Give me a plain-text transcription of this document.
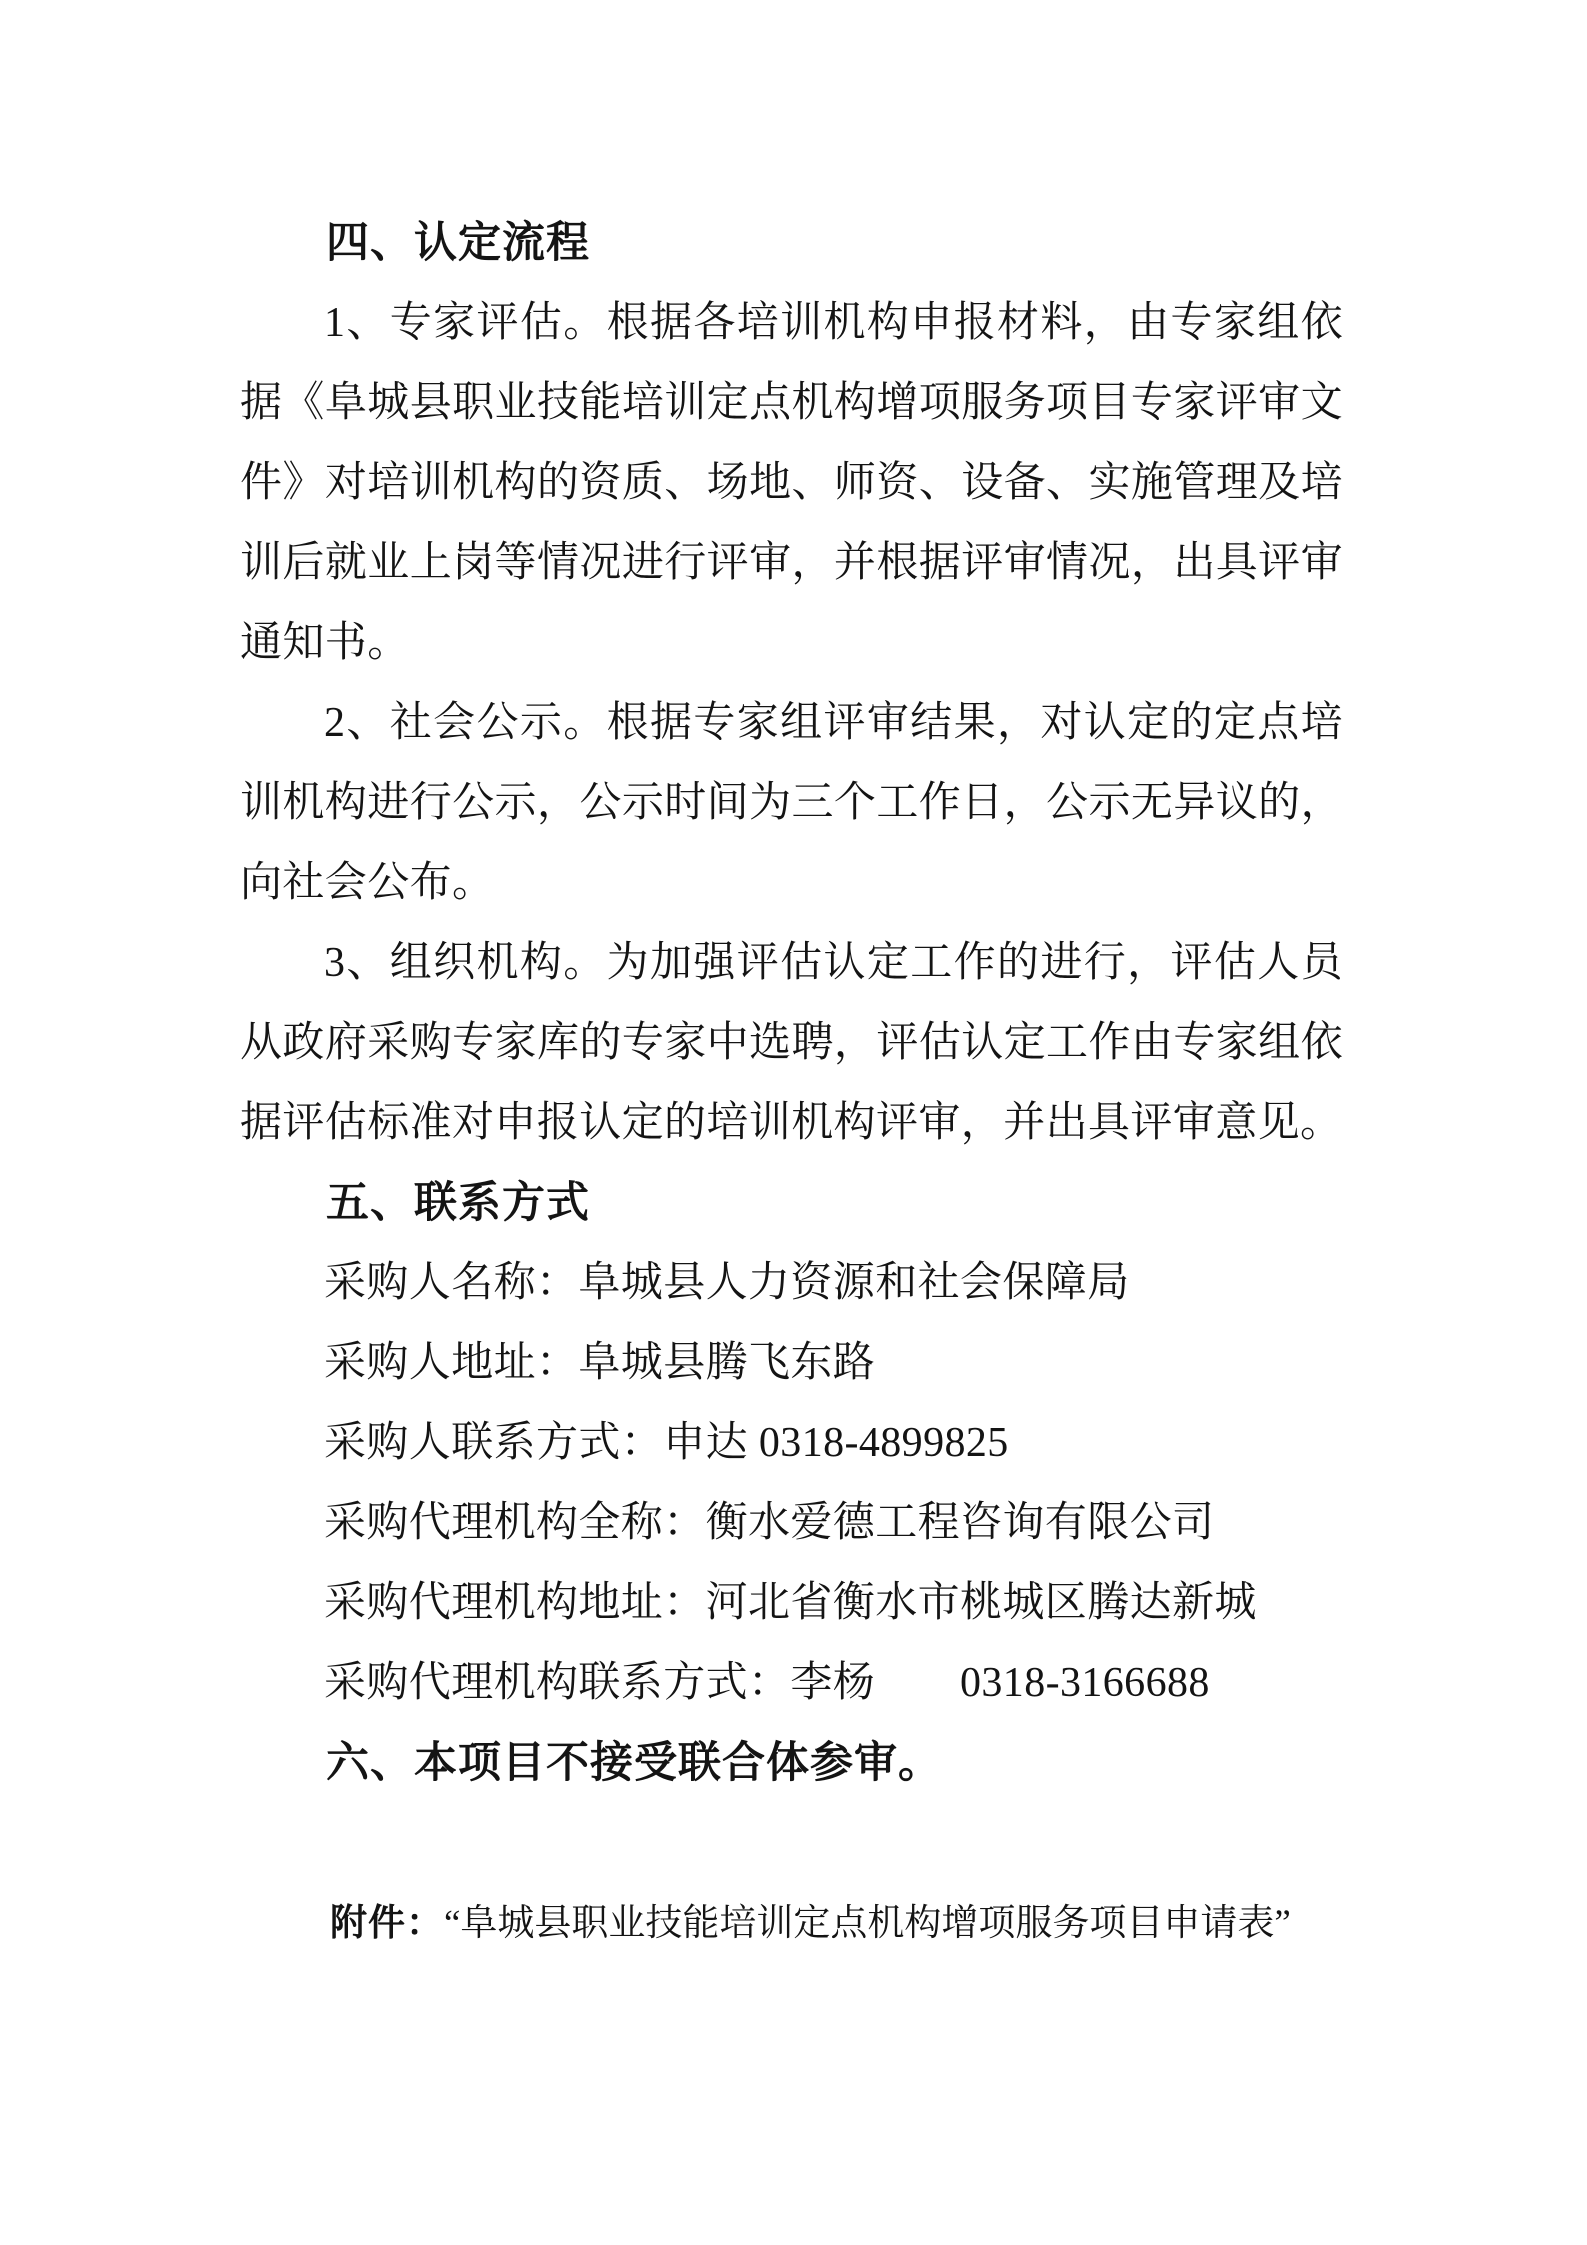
四、认定流程

1、专家评估。根据各培训机构申报材料，由专家组依据《阜城县职业技能培训定点机构增项服务项目专家评审文件》对培训机构的资质、场地、师资、设备、实施管理及培训后就业上岗等情况进行评审，并根据评审情况，出具评审通知书。

2、社会公示。根据专家组评审结果，对认定的定点培训机构进行公示，公示时间为三个工作日，公示无异议的，向社会公布。

3、组织机构。为加强评估认定工作的进行，评估人员从政府采购专家库的专家中选聘，评估认定工作由专家组依据评估标准对申报认定的培训机构评审，并出具评审意见。

五、联系方式
采购人名称：阜城县人力资源和社会保障局
采购人地址：阜城县腾飞东路
采购人联系方式：申达 0318-4899825
采购代理机构全称：衡水爱德工程咨询有限公司
采购代理机构地址：河北省衡水市桃城区腾达新城
采购代理机构联系方式：李杨　　0318-3166688
六、本项目不接受联合体参审。
附件：“阜城县职业技能培训定点机构增项服务项目申请表”
